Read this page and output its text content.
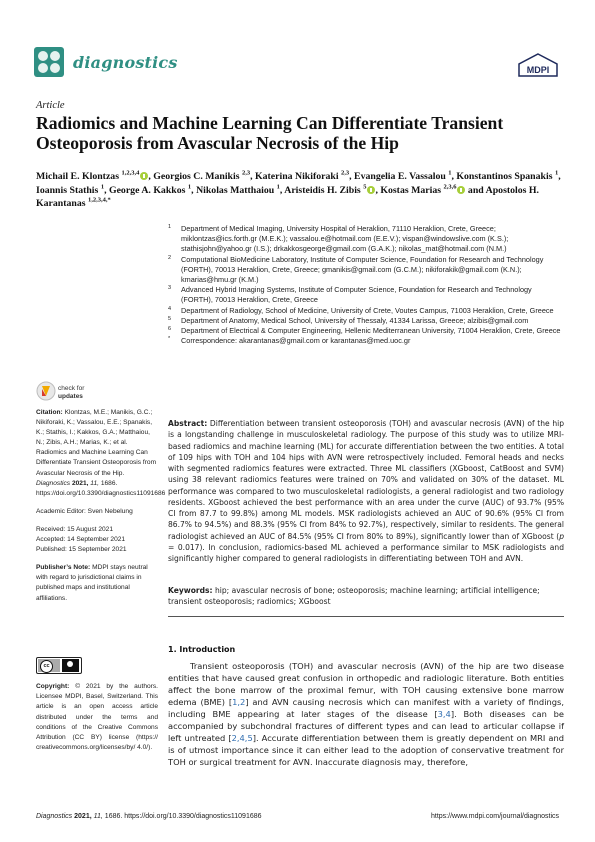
diagnostics	MDPI
Article
Radiomics and Machine Learning Can Differentiate Transient Osteoporosis from Avascular Necrosis of the Hip
Michail E. Klontzas $^{1,2,3,4}$ , Georgios C. Manikis $^{2,3}$, Katerina Nikiforaki $^{2,3}$, Evangelia E. Vassalou $^1$, Konstantinos Spanakis $^1$, Ioannis Stathis $^1$, George A. Kakkos $^1$, Nikolas Matthaiou $^1$, Aristeidis H. Zibis $^5$ , Kostas Marias $^{2,3,6}$ and Apostolos H. Karantanas $^{1,2,3,4,*}$
1 Department of Medical Imaging, University Hospital of Heraklion, 71110 Heraklion, Crete, Greece; miklontzas@ics.forth.gr (M.E.K.); vassalou.e@hotmail.com (E.E.V.); vispan@windowslive.com (K.S.); stathisjohn@yahoo.gr (I.S.); drkakkosgeorge@gmail.com (G.A.K.); nikolas_mat@hotmail.com (N.M.)
2 Computational BioMedicine Laboratory, Institute of Computer Science, Foundation for Research and Technology (FORTH), 70013 Heraklion, Crete, Greece; gmanikis@gmail.com (G.C.M.); nikiforakik@gmail.com (K.N.); kmarias@hmu.gr (K.M.)
3 Advanced Hybrid Imaging Systems, Institute of Computer Science, Foundation for Research and Technology (FORTH), 70013 Heraklion, Crete, Greece
4 Department of Radiology, School of Medicine, University of Crete, Voutes Campus, 71003 Heraklion, Crete, Greece
5 Department of Anatomy, Medical School, University of Thessaly, 41334 Larissa, Greece; alzibis@gmail.com
6 Department of Electrical & Computer Engineering, Hellenic Mediterranean University, 71004 Heraklion, Crete, Greece
* Correspondence: akarantanas@gmail.com or karantanas@med.uoc.gr
check for
updates
Citation: Klontzas, M.E.; Manikis, G.C.; Nikiforaki, K.; Vassalou, E.E.; Spanakis, K.; Stathis, I.; Kakkos, G.A.; Matthaiou, N.; Zibis, A.H.; Marias, K.; et al. Radiomics and Machine Learning Can Differentiate Transient Osteoporosis from Avascular Necrosis of the Hip. Diagnostics 2021, 11, 1686. https://doi.org/10.3390/diagnostics11091686
Academic Editor: Sven Nebelung
Received: 15 August 2021
Accepted: 14 September 2021
Published: 15 September 2021
Publisher’s Note: MDPI stays neutral with regard to jurisdictional claims in published maps and institutional affiliations.
cc
Copyright: © 2021 by the authors. Licensee MDPI, Basel, Switzerland. This article is an open access article distributed under the terms and conditions of the Creative Commons Attribution (CC BY) license (https:// creativecommons.org/licenses/by/ 4.0/).
Abstract: Differentiation between transient osteoporosis (TOH) and avascular necrosis (AVN) of the hip is a longstanding challenge in musculoskeletal radiology. The purpose of this study was to utilize MRI-based radiomics and machine learning (ML) for accurate differentiation between the two entities. A total of 109 hips with TOH and 104 hips with AVN were retrospectively included. Femoral heads and necks with segmented radiomics features were extracted. Three ML classifiers (XGboost, CatBoost and SVM) using 38 relevant radiomics features were trained on 70% and validated on 30% of the dataset. ML performance was compared to two musculoskeletal radiologists, a general radiologist and two radiology residents. XGboost achieved the best performance with an area under the curve (AUC) of 93.7% (95% CI from 87.7 to 99.8%) among ML models. MSK radiologists achieved an AUC of 90.6% (95% CI from 86.7% to 94.5%) and 88.3% (95% CI from 84% to 92.7%), respectively, similar to residents. The general radiologist achieved an AUC of 84.5% (95% CI from 80% to 89%), significantly lower than of XGboost (p = 0.017). In conclusion, radiomics-based ML achieved a performance similar to MSK radiologists and significantly higher compared to general radiologists in differentiating between TOH and AVN.
Keywords: hip; avascular necrosis of bone; osteoporosis; machine learning; artificial intelligence; transient osteoporosis; radiomics; XGboost
1. Introduction
Transient osteoporosis (TOH) and avascular necrosis (AVN) of the hip are two disease entities that have caused great confusion in orthopedic and radiologic literature. Both entities affect the bone marrow of the proximal femur, with TOH causing extensive bone marrow edema (BME) [1,2] and AVN causing necrosis which can manifest with a variety of findings, including BME appearing at later stages of the disease [3,4]. Both diseases can be accompanied by subchondral fractures of different types and can lead to articular collapse if left untreated [2,4,5]. Accurate differentiation between them is greatly dependent on MRI and is of utmost importance since it can either lead to the adoption of conservative treatment for TOH or surgical treatment for AVN. Inaccurate diagnosis may, therefore,
Diagnostics 2021, 11, 1686. https://doi.org/10.3390/diagnostics11091686	https://www.mdpi.com/journal/diagnostics
